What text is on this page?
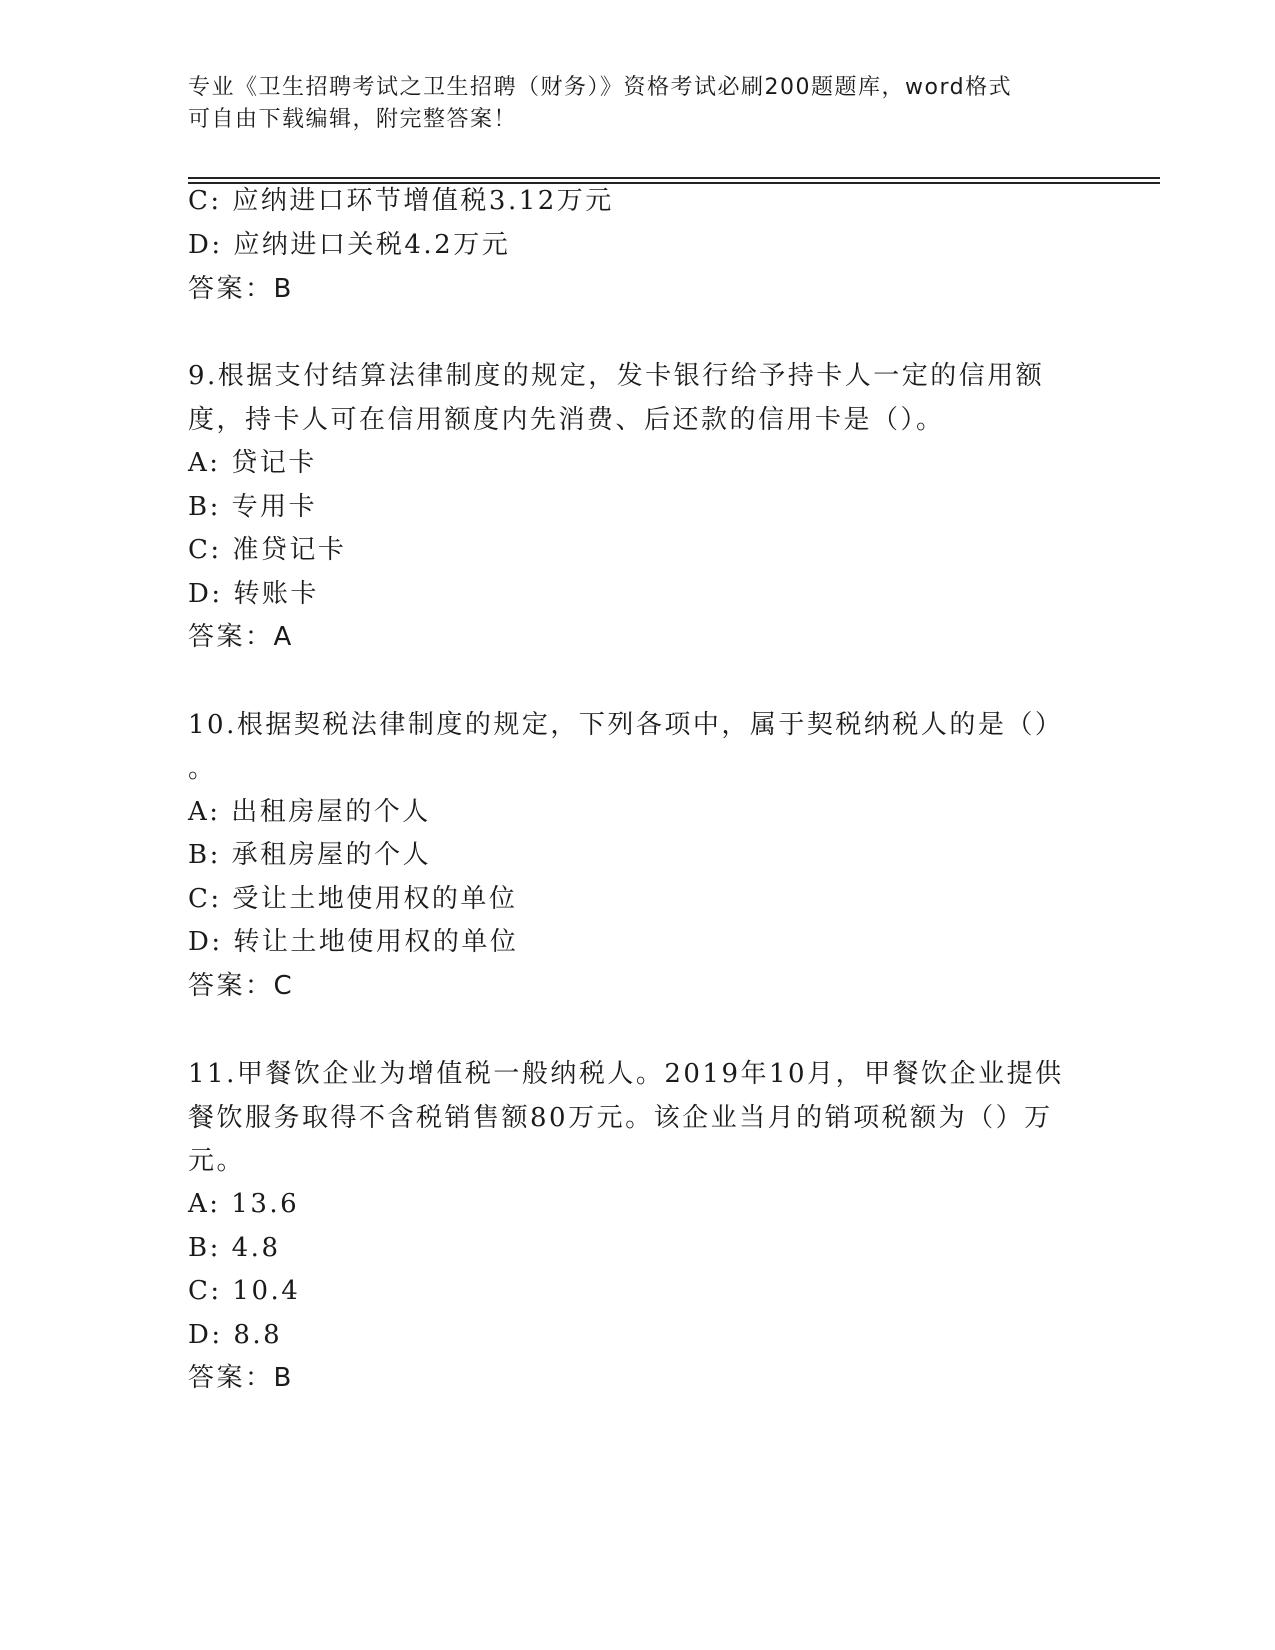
专业《卫生招聘考试之卫生招聘（财务）》资格考试必刷200题题库，word格式
可自由下载编辑，附完整答案！
C: 应纳进口环节增值税3.12万元
D: 应纳进口关税4.2万元
答案：B
9.根据支付结算法律制度的规定，发卡银行给予持卡人一定的信用额
度，持卡人可在信用额度内先消费、后还款的信用卡是（）。
A: 贷记卡
B: 专用卡
C: 准贷记卡
D: 转账卡
答案：A
10.根据契税法律制度的规定，下列各项中，属于契税纳税人的是（）
。
A: 出租房屋的个人
B: 承租房屋的个人
C: 受让土地使用权的单位
D: 转让土地使用权的单位
答案：C
11.甲餐饮企业为增值税一般纳税人。2019年10月，甲餐饮企业提供
餐饮服务取得不含税销售额80万元。该企业当月的销项税额为（）万
元。
A: 13.6
B: 4.8
C: 10.4
D: 8.8
答案：B
